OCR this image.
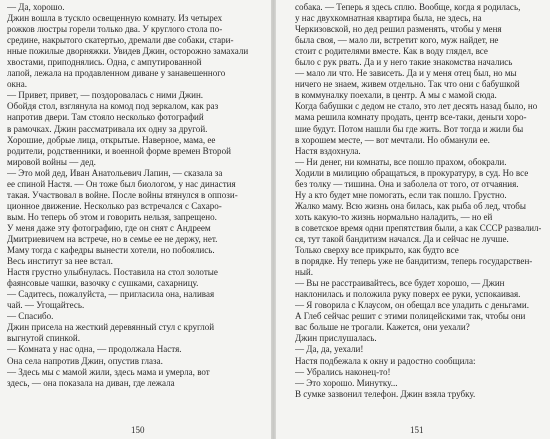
— Да, хорошо.
Джин вошла в тускло освещенную комнату. Из четырех
рожков люстры горели только два. У круглого стола по-
средине, накрытого скатертью, дремали две собаки, стари-
нные пожилые дворняжки. Увидев Джин, осторожно замахали
хвостами, приподнялись. Одна, с ампутированной
лапой, лежала на продавленном диване у занавешенного
окна.
— Привет, привет, — поздоровалась с ними Джин.
Обойдя стол, взглянула на комод под зеркалом, как раз
напротив двери. Там стояло несколько фотографий
в рамочках. Джин рассматривала их одну за другой.
Хорошие, добрые лица, открытые. Наверное, мама, ее
родители, родственники, и военной форме времен Второй
мировой войны — дед.
— Это мой дед, Иван Анатольевич Лапин, — сказала за
ее спиной Настя. — Он тоже был биологом, у нас династия
такая. Участвовал в войне. После войны втянулся в оппози-
ционное движение. Несколько раз встречался с Сахаро-
вым. Но теперь об этом и говорить нельзя, запрещено.
У меня даже эту фотографию, где он снят с Андреем
Дмитриевичем на встрече, но в семье ее не держу, нет.
Маму тогда с кафедры вынести хотели, но побоялись.
Весь институт за нее встал.
Настя грустно улыбнулась. Поставила на стол золотые
фаянсовые чашки, вазочку с сушками, сахарницу.
— Садитесь, пожалуйста, — пригласила она, наливая
чай. — Угощайтесь.
— Спасибо.
Джин присела на жесткий деревянный стул с круглой
выгнутой спинкой.
— Комната у нас одна, — продолжала Настя.
Она села напротив Джин, опустив глаза.
— Здесь мы с мамой жили, здесь мама и умерла, вот
здесь, — она показала на диван, где лежала
150
собака. — Теперь я здесь сплю. Вообще, когда я родилась,
у нас двухкомнатная квартира была, не здесь, на
Черкизовской, но дед решил разменять, чтобы у меня
была своя, — мало ли, встретит кого, муж найдет, не
стоит с родителями вместе. Как в воду глядел, все
было с рук рвать. Да и у него такие знакомства начались
— мало ли что. Не зависеть. Да и у меня отец был, но мы
ничего не знаем, живем отдельно. Так что они с бабушкой
в коммуналку поехали, в центр. А мы с мамой сюда.
Когда бабушки с дедом не стало, это лет десять назад было, но
мама решила комнату продать, центр все-таки, деньги хоро-
шие будут. Потом нашли бы где жить. Вот тогда и жили бы
в хорошем месте, — вот мечтали. Но обманули ее.
Настя вздохнула.
— Ни денег, ни комнаты, все пошло прахом, обокрали.
Ходили в милицию обращаться, в прокуратуру, в суд. Но все
без толку — тишина. Она и заболела от того, от отчаяния.
Ну а кто будет мне помогать, если так пошло. Грустно.
Жалко маму. Всю жизнь она билась, как рыба об лед, чтобы
хоть какую-то жизнь нормально наладить, — но ей
в советское время одни препятствия были, а как СССР развалил-
ся, тут такой бандитизм начался. Да и сейчас не лучше.
Только сверху все прикрыто, как будто все
в порядке. Ну теперь уже не бандитизм, теперь государствен-
ный.
— Вы не расстраивайтесь, все будет хорошо, — Джин
наклонилась и положила руку поверх ее руки, успокаивая.
— Я говорила с Клаусом, он обещал все уладить с деньгами.
А Глеб сейчас решит с этими полицейскими так, чтобы они
вас больше не трогали. Кажется, они уехали?
Джин прислушалась.
— Да, да, уехали!
Настя подбежала к окну и радостно сообщила:
— Убрались наконец-то!
— Это хорошо. Минутку...
В сумке зазвонил телефон. Джин взяла трубку.
151
